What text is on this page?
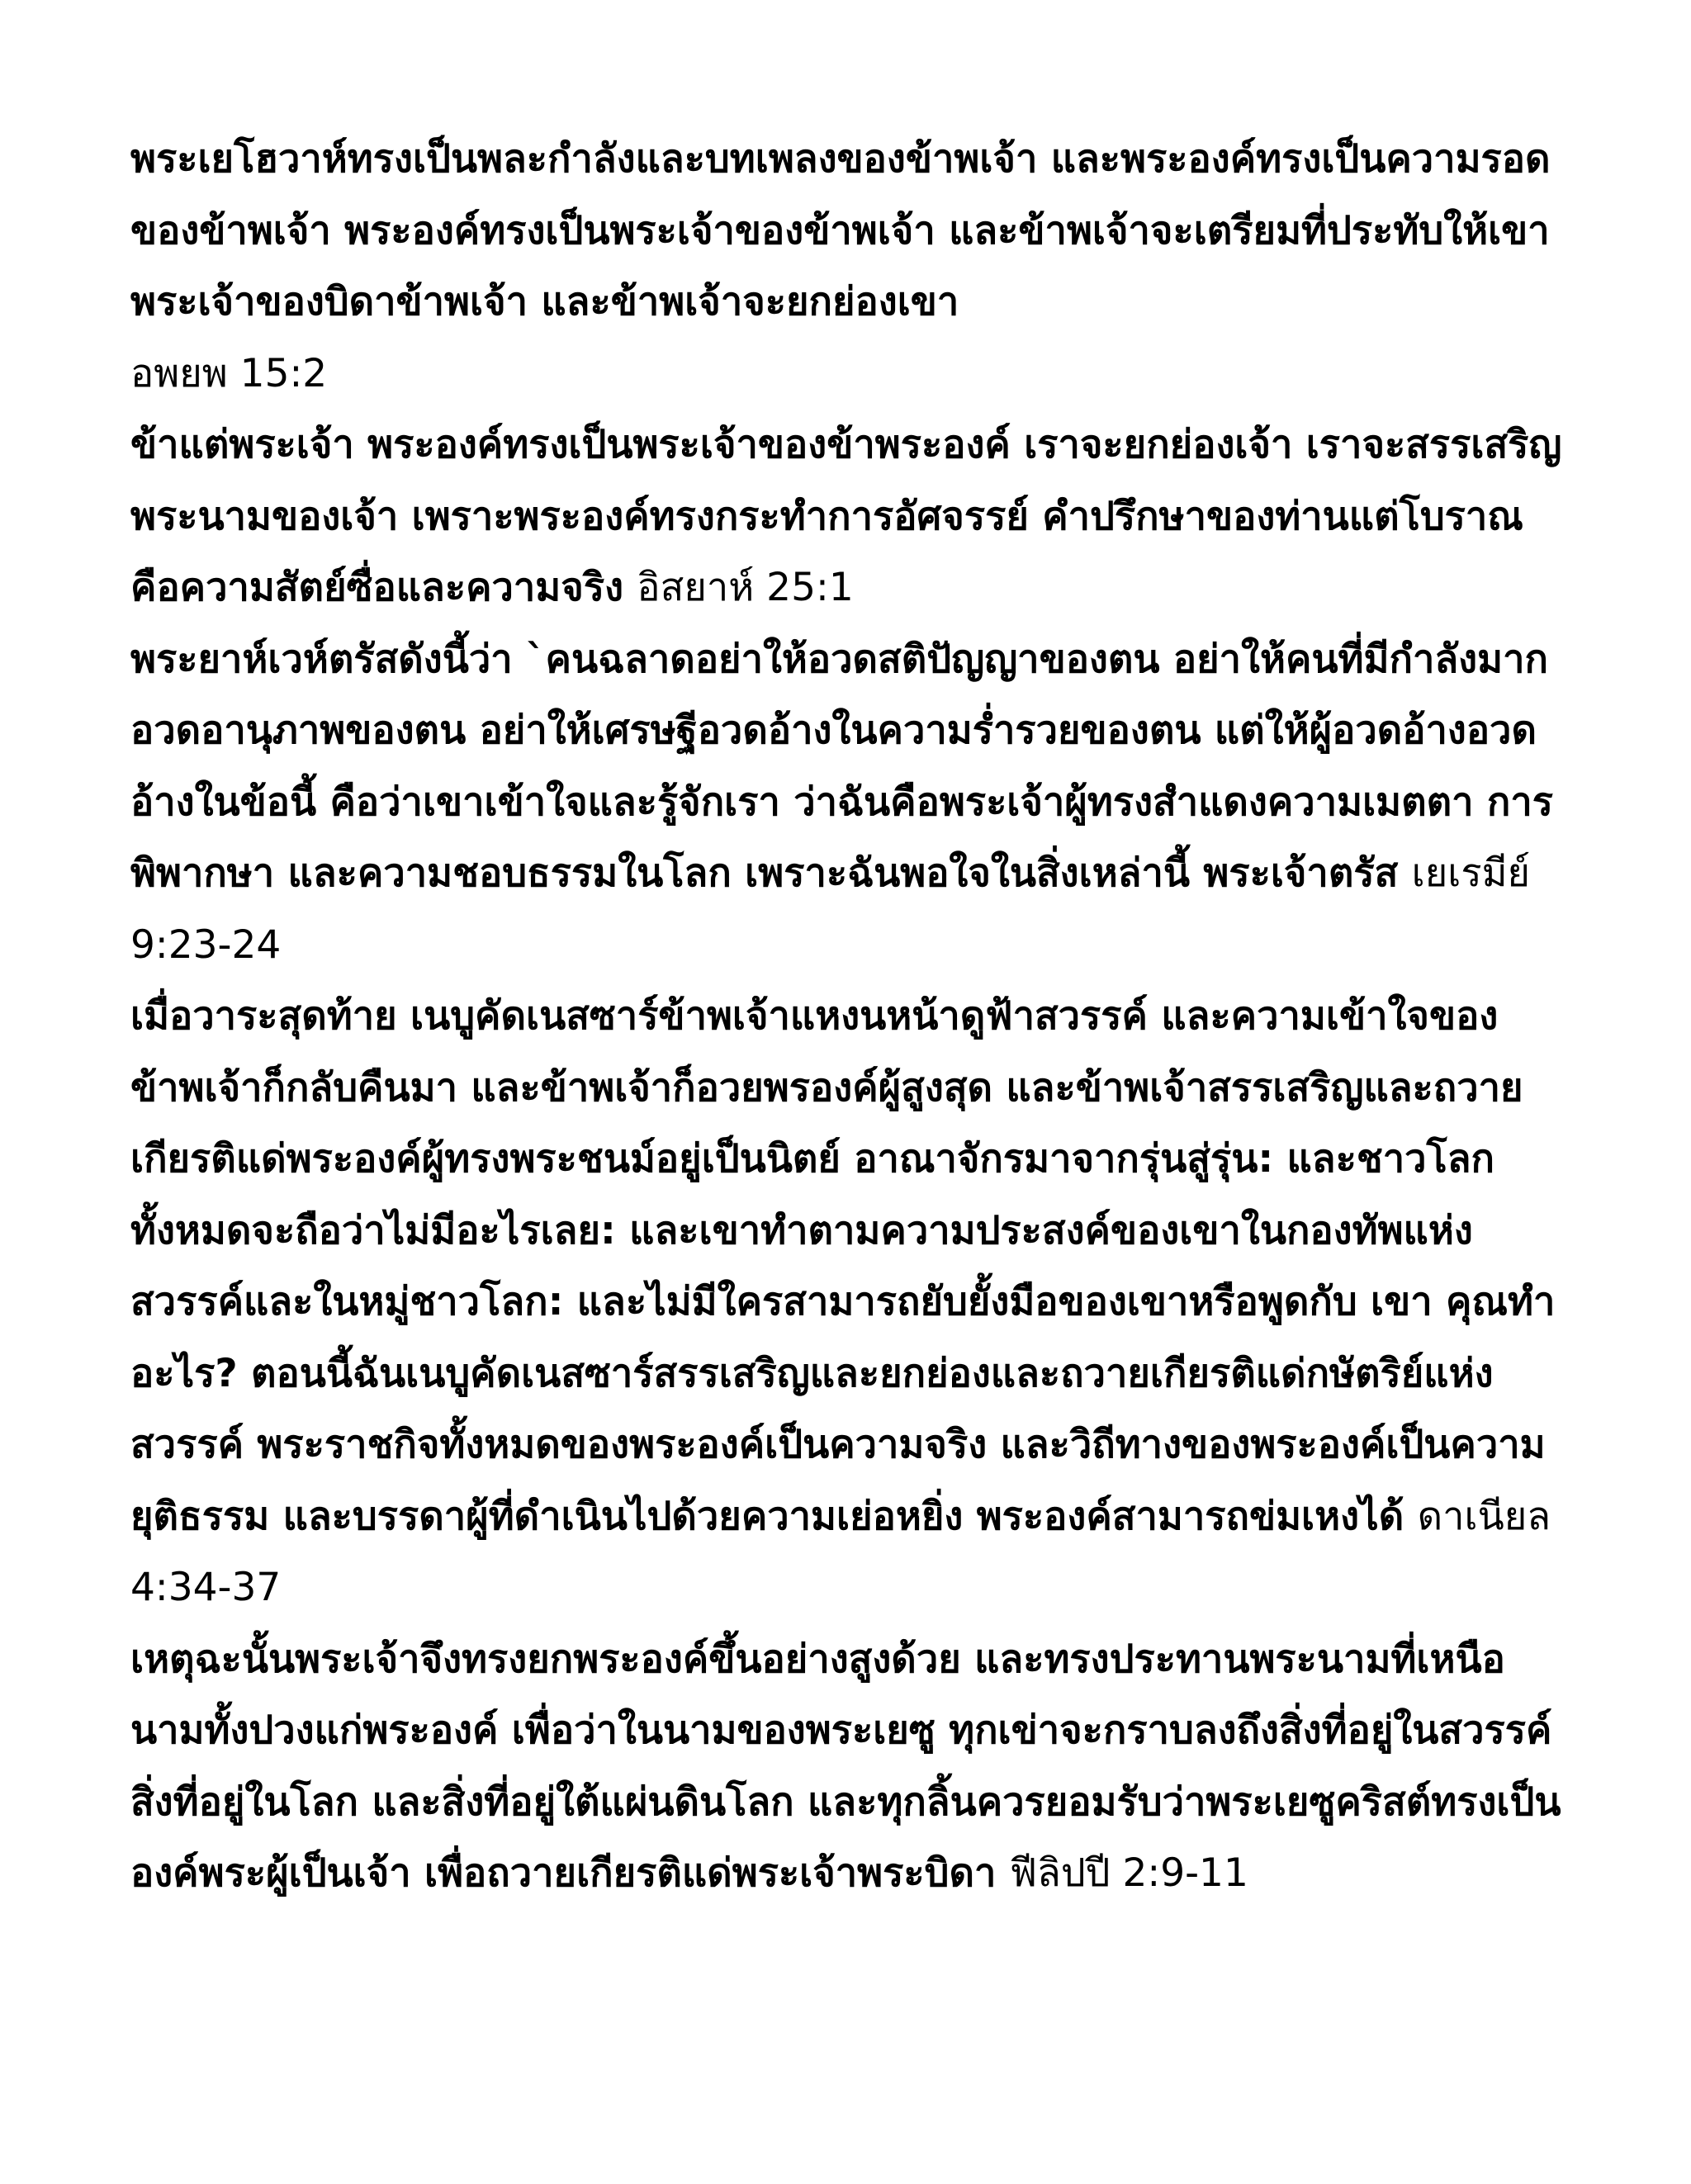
พระเยโฮวาห์ทรงเป็นพละกำลังและบทเพลงของข้าพเจ้า และพระองค์ทรงเป็นความรอดของข้าพเจ้า พระองค์ทรงเป็นพระเจ้าของข้าพเจ้า และข้าพเจ้าจะเตรียมที่ประทับให้เขา พระเจ้าของบิดาข้าพเจ้า และข้าพเจ้าจะยกย่องเขา
อพยพ 15:2

ข้าแต่พระเจ้า พระองค์ทรงเป็นพระเจ้าของข้าพระองค์ เราจะยกย่องเจ้า เราจะสรรเสริญพระนามของเจ้า เพราะพระองค์ทรงกระทำการอัศจรรย์ คำปรึกษาของท่านแต่โบราณคือความสัตย์ซื่อและความจริง อิสยาห์ 25:1

พระยาห์เวห์ตรัสดังนี้ว่า `คนฉลาดอย่าให้อวดสติปัญญาของตน อย่าให้คนที่มีกำลังมากอวดอานุภาพของตน อย่าให้เศรษฐีอวดอ้างในความร่ำรวยของตน แต่ให้ผู้อวดอ้างอวดอ้างในข้อนี้ คือว่าเขาเข้าใจและรู้จักเรา ว่าฉันคือพระเจ้าผู้ทรงสำแดงความเมตตา การพิพากษา และความชอบธรรมในโลก เพราะฉันพอใจในสิ่งเหล่านี้ พระเจ้าตรัส เยเรมีย์ 9:23-24

เมื่อวาระสุดท้าย เนบูคัดเนสซาร์ข้าพเจ้าแหงนหน้าดูฟ้าสวรรค์ และความเข้าใจของข้าพเจ้าก็กลับคืนมา และข้าพเจ้าก็อวยพรองค์ผู้สูงสุด และข้าพเจ้าสรรเสริญและถวายเกียรติแด่พระองค์ผู้ทรงพระชนม์อยู่เป็นนิตย์ อาณาจักรมาจากรุ่นสู่รุ่น: และชาวโลกทั้งหมดจะถือว่าไม่มีอะไรเลย: และเขาทำตามความประสงค์ของเขาในกองทัพแห่งสวรรค์และในหมู่ชาวโลก: และไม่มีใครสามารถยับยั้งมือของเขาหรือพูดกับ เขา คุณทำอะไร? ตอนนี้ฉันเนบูคัดเนสซาร์สรรเสริญและยกย่องและถวายเกียรติแด่กษัตริย์แห่งสวรรค์ พระราชกิจทั้งหมดของพระองค์เป็นความจริง และวิถีทางของพระองค์เป็นความยุติธรรม และบรรดาผู้ที่ดำเนินไปด้วยความเย่อหยิ่ง พระองค์สามารถข่มเหงได้ ดาเนียล 4:34-37

เหตุฉะนั้นพระเจ้าจึงทรงยกพระองค์ขึ้นอย่างสูงด้วย และทรงประทานพระนามที่เหนือนามทั้งปวงแก่พระองค์ เพื่อว่าในนามของพระเยซู ทุกเข่าจะกราบลงถึงสิ่งที่อยู่ในสวรรค์ สิ่งที่อยู่ในโลก และสิ่งที่อยู่ใต้แผ่นดินโลก และทุกลิ้นควรยอมรับว่าพระเยซูคริสต์ทรงเป็นองค์พระผู้เป็นเจ้า เพื่อถวายเกียรติแด่พระเจ้าพระบิดา ฟีลิปปี 2:9-11
